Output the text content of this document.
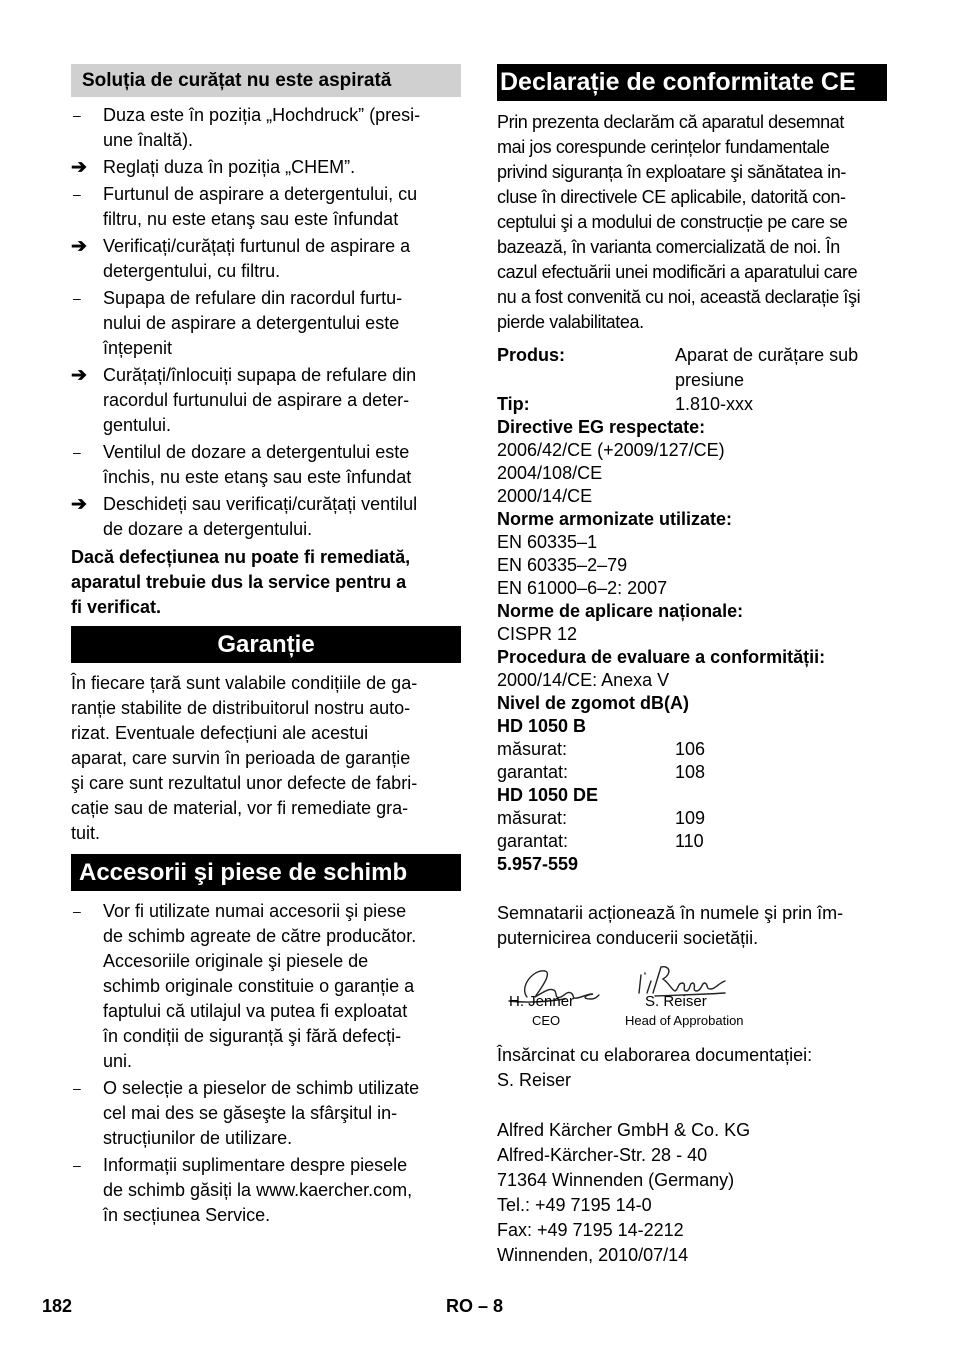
Soluția de curățat nu este aspirată
–	Duza este în poziția „Hochdruck” (presi-
une înaltă).
➔ Reglați duza în poziția „CHEM”.
–	Furtunul de aspirare a detergentului, cu
filtru, nu este etanş sau este înfundat
➔ Verificați/curățați furtunul de aspirare a
detergentului, cu filtru.
–	Supapa de refulare din racordul furtu-
nului de aspirare a detergentului este
înțepenit
➔ Curățați/înlocuiți supapa de refulare din
racordul furtunului de aspirare a deter-
gentului.
–	Ventilul de dozare a detergentului este
închis, nu este etanş sau este înfundat
➔ Deschideți sau verificați/curățați ventilul
de dozare a detergentului.
Dacă defecțiunea nu poate fi remediată,
aparatul trebuie dus la service pentru a
fi verificat.
Garanție
În fiecare țară sunt valabile condițiile de ga-
ranție stabilite de distribuitorul nostru auto-
rizat. Eventuale defecțiuni ale acestui
aparat, care survin în perioada de garanție
şi care sunt rezultatul unor defecte de fabri-
cație sau de material, vor fi remediate gra-
tuit.
Accesorii şi piese de schimb
–	Vor fi utilizate numai accesorii şi piese
de schimb agreate de către producător.
Accesoriile originale şi piesele de
schimb originale constituie o garanție a
faptului că utilajul va putea fi exploatat
în condiții de siguranță şi fără defecți-
uni.
–	O selecție a pieselor de schimb utilizate
cel mai des se găseşte la sfârşitul in-
strucțiunilor de utilizare.
–	Informații suplimentare despre piesele
de schimb găsiți la www.kaercher.com,
în secțiunea Service.
Declarație de conformitate CE
Prin prezenta declarăm că aparatul desemnat
mai jos corespunde cerințelor fundamentale
privind siguranța în exploatare şi sănătatea in-
cluse în directivele CE aplicabile, datorită con-
ceptului şi a modului de construcție pe care se
bazează, în varianta comercializată de noi. În
cazul efectuării unei modificări a aparatului care
nu a fost convenită cu noi, această declarație îşi
pierde valabilitatea.
Produs:	Aparat de curățare sub
presiune
Tip:	1.810-xxx
Directive EG respectate:
2006/42/CE (+2009/127/CE)
2004/108/CE
2000/14/CE
Norme armonizate utilizate:
EN 60335–1
EN 60335–2–79
EN 61000–6–2: 2007
Norme de aplicare naționale:
CISPR 12
Procedura de evaluare a conformității:
2000/14/CE: Anexa V
Nivel de zgomot dB(A)
HD 1050 B
măsurat:	106
garantat:	108
HD 1050 DE
măsurat:	109
garantat:	110
5.957-559
Semnatarii acționează în numele şi prin îm-
puternicirea conducerii societății.
H. Jenner
CEO
S. Reiser
Head of Approbation
Însărcinat cu elaborarea documentației:
S. Reiser
Alfred Kärcher GmbH & Co. KG
Alfred-Kärcher-Str. 28 - 40
71364 Winnenden (Germany)
Tel.: +49 7195 14-0
Fax: +49 7195 14-2212
Winnenden, 2010/07/14
182	RO – 8
